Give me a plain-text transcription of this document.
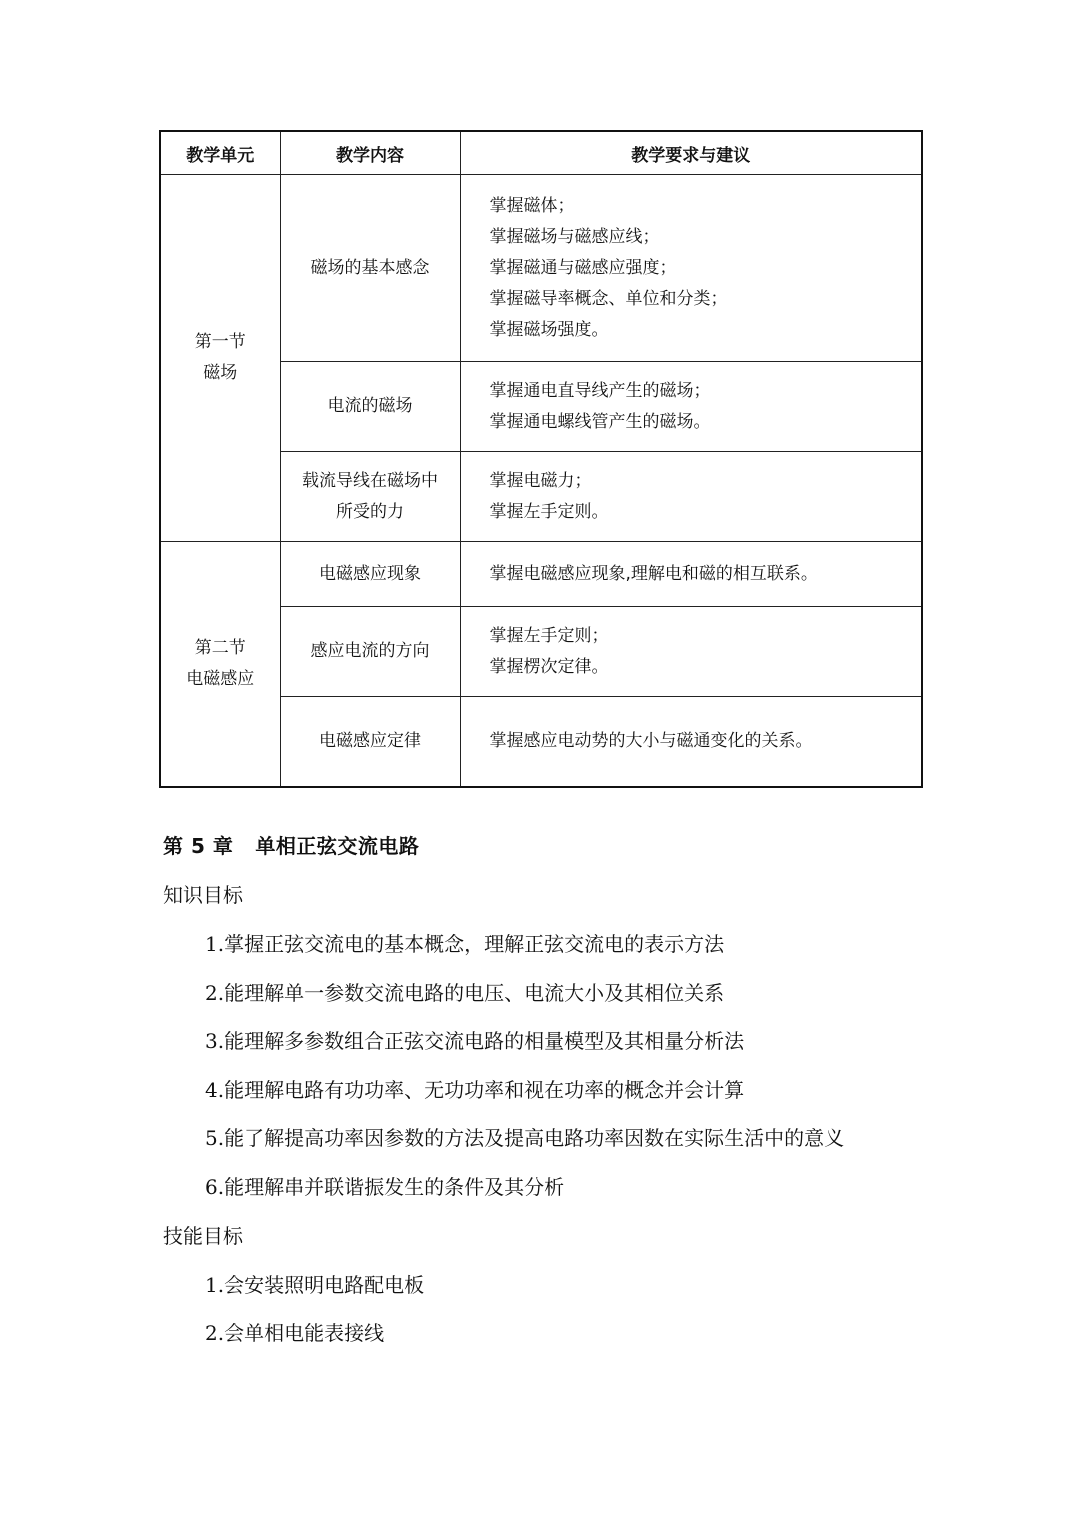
教学单元	教学内容	教学要求与建议

第一节
磁场	磁场的基本感念	掌握磁体；
掌握磁场与磁感应线；
掌握磁通与磁感应强度；
掌握磁导率概念、单位和分类；
掌握磁场强度。

	电流的磁场	掌握通电直导线产生的磁场；
掌握通电螺线管产生的磁场。

	载流导线在磁场中
所受的力	掌握电磁力；
掌握左手定则。

第二节
电磁感应	电磁感应现象	掌握电磁感应现象,理解电和磁的相互联系。

	感应电流的方向	掌握左手定则；
掌握楞次定律。

	电磁感应定律	掌握感应电动势的大小与磁通变化的关系。
第 5 章 单相正弦交流电路
知识目标
1.掌握正弦交流电的基本概念，理解正弦交流电的表示方法
2.能理解单一参数交流电路的电压、电流大小及其相位关系
3.能理解多参数组合正弦交流电路的相量模型及其相量分析法
4.能理解电路有功功率、无功功率和视在功率的概念并会计算
5.能了解提高功率因参数的方法及提高电路功率因数在实际生活中的意义
6.能理解串并联谐振发生的条件及其分析
技能目标
1.会安装照明电路配电板
2.会单相电能表接线
